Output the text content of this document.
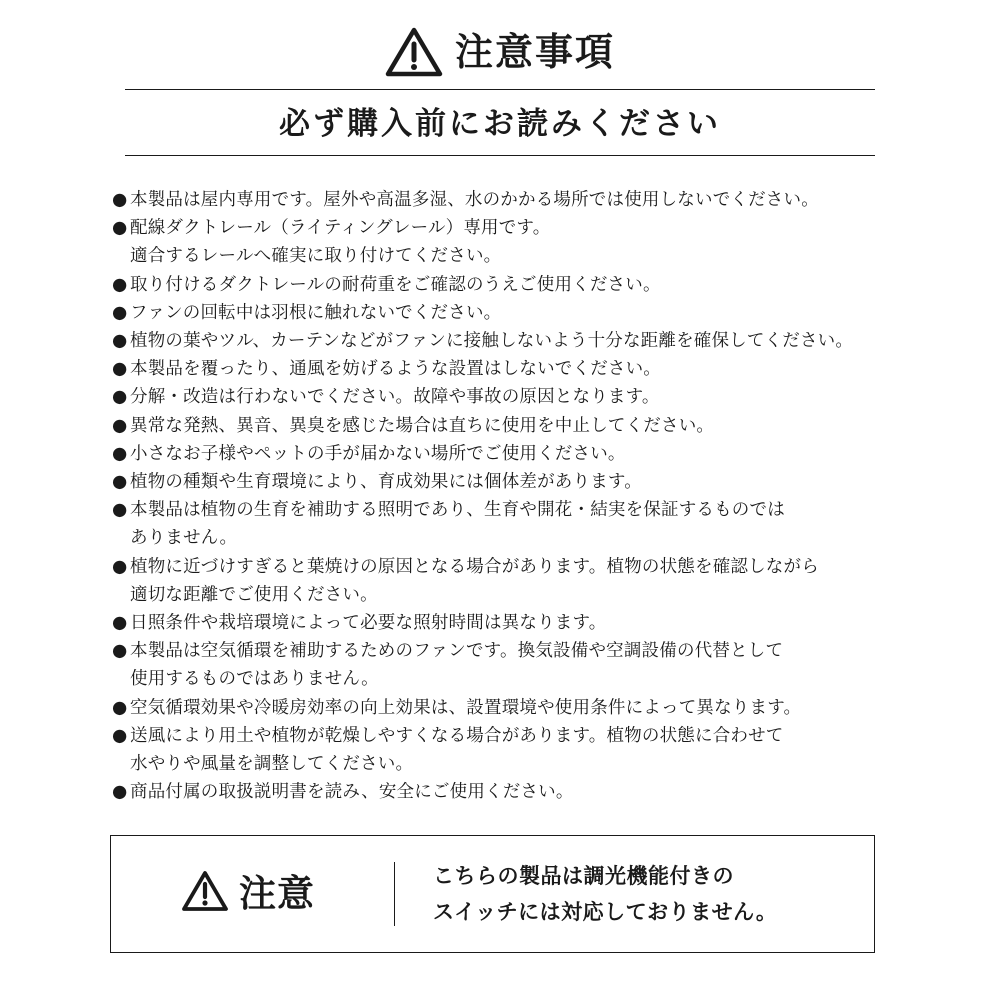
注意事項
必ず購入前にお読みください
● 本製品は屋内専用です。屋外や高温多湿、水のかかる場所では使用しないでください。
● 配線ダクトレール（ライティングレール）専用です。
適合するレールへ確実に取り付けてください。
● 取り付けるダクトレールの耐荷重をご確認のうえご使用ください。
● ファンの回転中は羽根に触れないでください。
● 植物の葉やツル、カーテンなどがファンに接触しないよう十分な距離を確保してください。
● 本製品を覆ったり、通風を妨げるような設置はしないでください。
● 分解・改造は行わないでください。故障や事故の原因となります。
● 異常な発熱、異音、異臭を感じた場合は直ちに使用を中止してください。
● 小さなお子様やペットの手が届かない場所でご使用ください。
● 植物の種類や生育環境により、育成効果には個体差があります。
● 本製品は植物の生育を補助する照明であり、生育や開花・結実を保証するものでは
ありません。
● 植物に近づけすぎると葉焼けの原因となる場合があります。植物の状態を確認しながら
適切な距離でご使用ください。
● 日照条件や栽培環境によって必要な照射時間は異なります。
● 本製品は空気循環を補助するためのファンです。換気設備や空調設備の代替として
使用するものではありません。
● 空気循環効果や冷暖房効率の向上効果は、設置環境や使用条件によって異なります。
● 送風により用土や植物が乾燥しやすくなる場合があります。植物の状態に合わせて
水やりや風量を調整してください。
● 商品付属の取扱説明書を読み、安全にご使用ください。
注意	こちらの製品は調光機能付きの
スイッチには対応しておりません。
